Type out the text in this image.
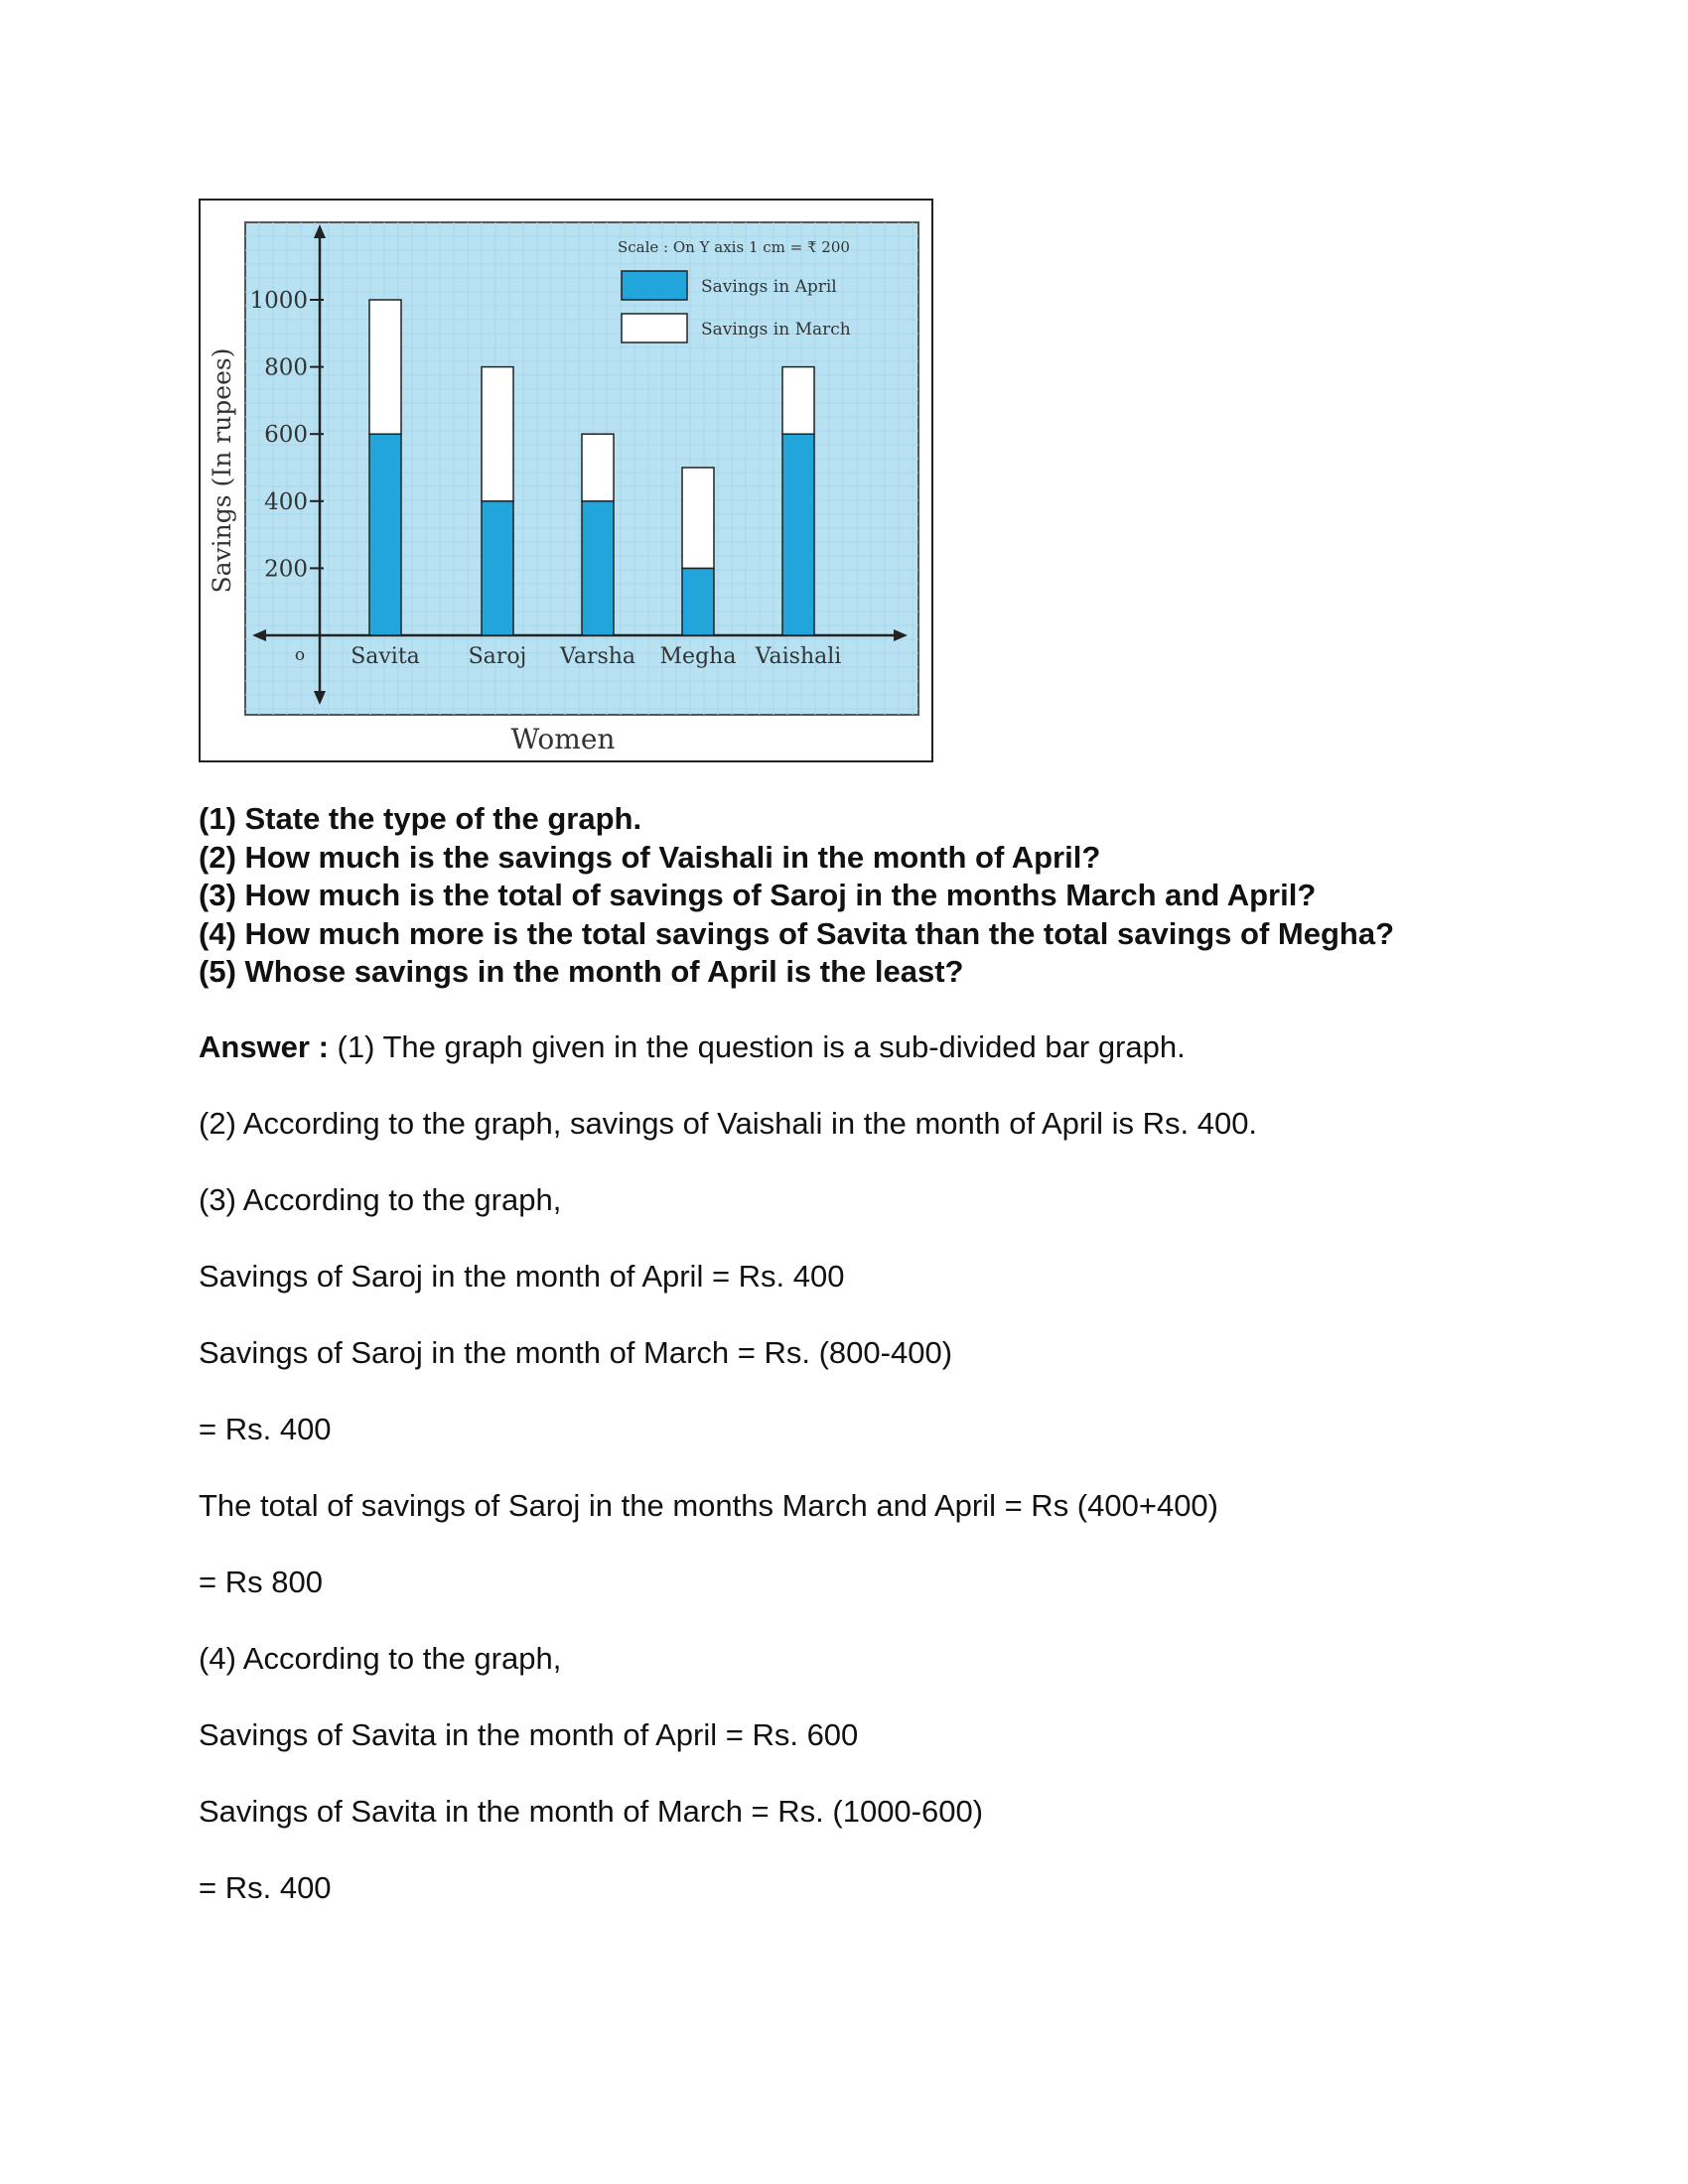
200
400
600
800
1000
o Savita Saroj Varsha Megha Vaishali
Savings (In rupees)
Women
Scale : On Y axis 1 cm = ₹ 200
Savings in April
Savings in March
(1) State the type of the graph.
(2) How much is the savings of Vaishali in the month of April?
(3) How much is the total of savings of Saroj in the months March and April?
(4) How much more is the total savings of Savita than the total savings of Megha?
(5) Whose savings in the month of April is the least?
Answer : (1) The graph given in the question is a sub-divided bar graph.
(2) According to the graph, savings of Vaishali in the month of April is Rs. 400.
(3) According to the graph,
Savings of Saroj in the month of April = Rs. 400
Savings of Saroj in the month of March = Rs. (800-400)
= Rs. 400
The total of savings of Saroj in the months March and April = Rs (400+400)
= Rs 800
(4) According to the graph,
Savings of Savita in the month of April = Rs. 600
Savings of Savita in the month of March = Rs. (1000-600)
= Rs. 400
